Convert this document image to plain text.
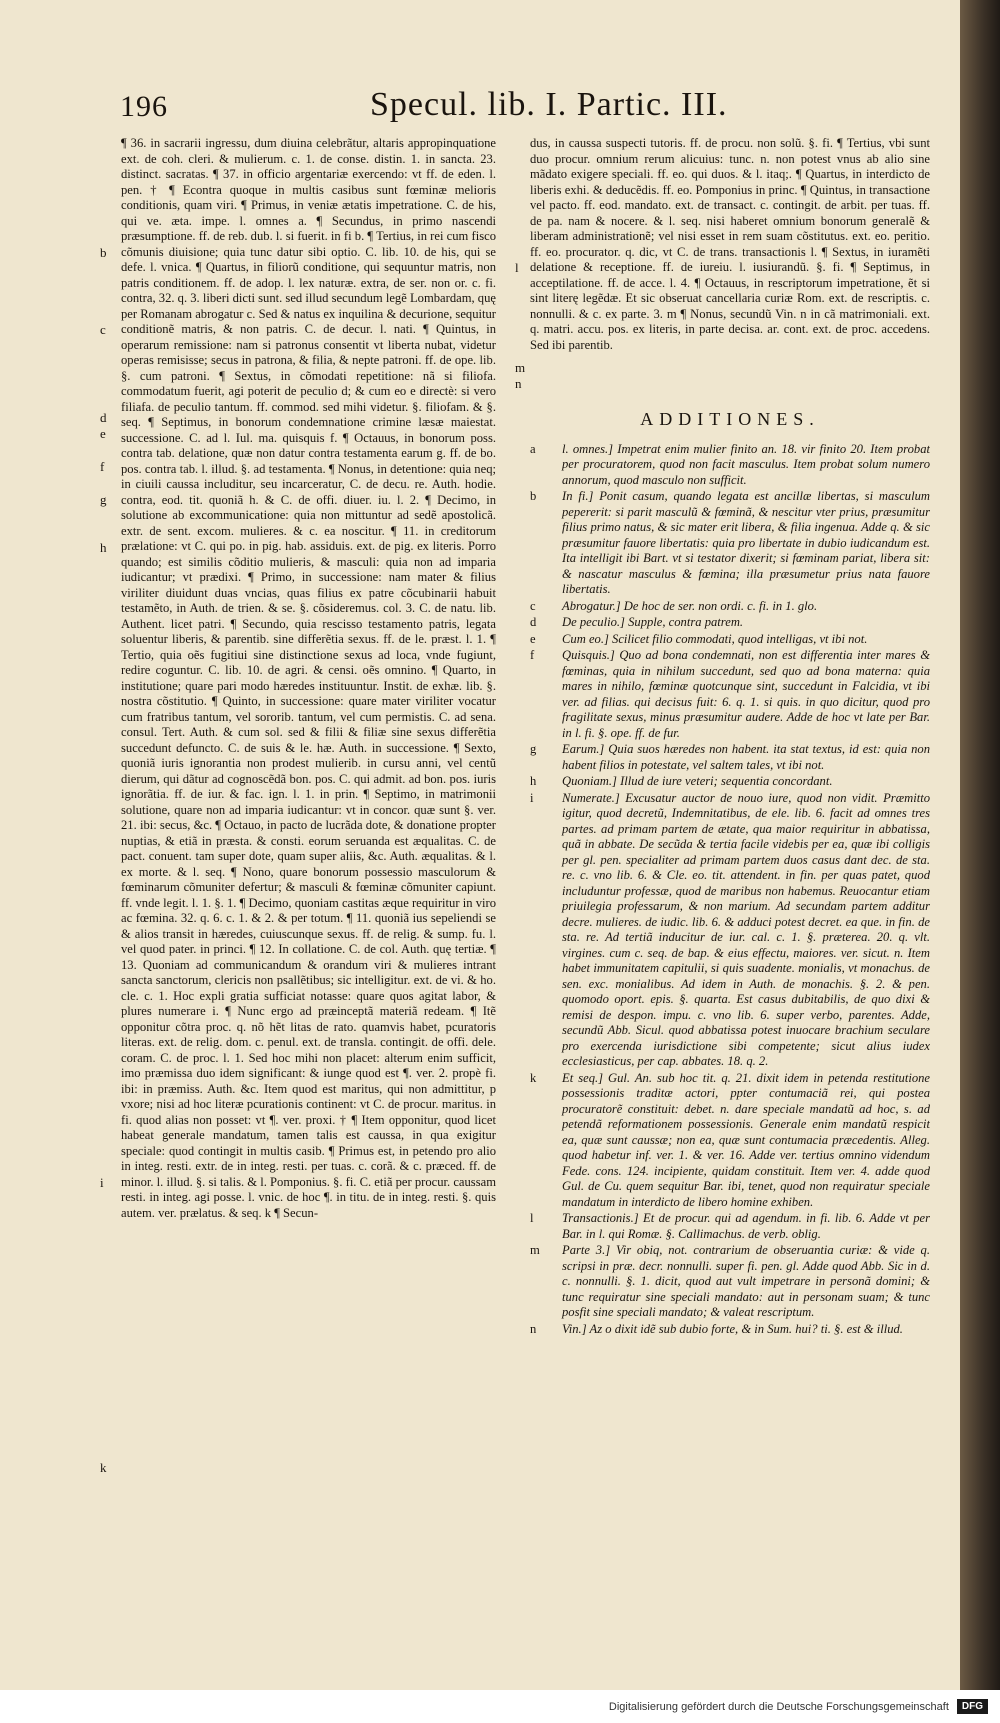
196	Specul. lib. I. Partic. III.
b
c
d
e
f
g
h
i
k
l
m
n

¶ 36. in sacrarii ingressu, dum diuina celebrãtur, altaris appropinquatione ext. de coh. cleri. & mulierum. c. 1. de conse. distin. 1. in sancta. 23. distinct. sacratas. ¶ 37. in officio argentariæ exercendo: vt ff. de eden. l. pen. † ¶ Econtra quoque in multis casibus sunt fœminæ melioris conditionis, quam viri. ¶ Primus, in veniæ ætatis impetratione. C. de his, qui ve. æta. impe. l. omnes a. ¶ Secundus, in primo nascendi præsumptione. ff. de reb. dub. l. si fuerit. in fi b. ¶ Tertius, in rei cum fisco cõmunis diuisione; quia tunc datur sibi optio. C. lib. 10. de his, qui se defe. l. vnica. ¶ Quartus, in filiorũ conditione, qui sequuntur matris, non patris conditionem. ff. de adop. l. lex naturæ. extra, de ser. non or. c. fi. contra, 32. q. 3. liberi dicti sunt. sed illud secundum legẽ Lombardam, quę per Romanam abrogatur c. Sed & natus ex inquilina & decurione, sequitur conditionẽ matris, & non patris. C. de decur. l. nati. ¶ Quintus, in operarum remissione: nam si patronus consentit vt liberta nubat, videtur operas remisisse; secus in patrona, & filia, & nepte patroni. ff. de ope. lib. §. cum patroni. ¶ Sextus, in cõmodati repetitione: nã si filiofa. commodatum fuerit, agi poterit de peculio d; & cum eo e directè: si vero filiafa. de peculio tantum. ff. commod. sed mihi videtur. §. filiofam. & §. seq. ¶ Septimus, in bonorum condemnatione crimine læsæ maiestat. successione. C. ad l. Iul. ma. quisquis f. ¶ Octauus, in bonorum poss. contra tab. delatione, quæ non datur contra testamenta earum g. ff. de bo. pos. contra tab. l. illud. §. ad testamenta. ¶ Nonus, in detentione: quia neq; in ciuili caussa includitur, seu incarceratur, C. de decu. re. Auth. hodie. contra, eod. tit. quoniã h. & C. de offi. diuer. iu. l. 2. ¶ Decimo, in solutione ab excommunicatione: quia non mittuntur ad sedẽ apostolicã. extr. de sent. excom. mulieres. & c. ea noscitur. ¶ 11. in creditorum prælatione: vt C. qui po. in pig. hab. assiduis. ext. de pig. ex literis. Porro quando; est similis cõditio mulieris, & masculi: quia non ad imparia iudicantur; vt prædixi. ¶ Primo, in successione: nam mater & filius viriliter diuidunt duas vncias, quas filius ex patre cõcubinarii habuit testamẽto, in Auth. de trien. & se. §. cõsideremus. col. 3. C. de natu. lib. Authent. licet patri. ¶ Secundo, quia rescisso testamento patris, legata soluentur liberis, & parentib. sine differẽtia sexus. ff. de le. præst. l. 1. ¶ Tertio, quia oẽs fugitiui sine distinctione sexus ad loca, vnde fugiunt, redire coguntur. C. lib. 10. de agri. & censi. oẽs omnino. ¶ Quarto, in institutione; quare pari modo hæredes instituuntur. Instit. de exhæ. lib. §. nostra cõstitutio. ¶ Quinto, in successione: quare mater viriliter vocatur cum fratribus tantum, vel sororib. tantum, vel cum permistis. C. ad sena. consul. Tert. Auth. & cum sol. sed & filii & filiæ sine sexus differẽtia succedunt defuncto. C. de suis & le. hæ. Auth. in successione. ¶ Sexto, quoniã iuris ignorantia non prodest mulierib. in cursu anni, vel centũ dierum, qui dãtur ad cognoscẽdã bon. pos. C. qui admit. ad bon. pos. iuris ignorãtia. ff. de iur. & fac. ign. l. 1. in prin. ¶ Septimo, in matrimonii solutione, quare non ad imparia iudicantur: vt in concor. quæ sunt §. ver. 21. ibi: secus, &c. ¶ Octauo, in pacto de lucrãda dote, & donatione propter nuptias, & etiã in præsta. & consti. eorum seruanda est æqualitas. C. de pact. conuent. tam super dote, quam super aliis, &c. Auth. æqualitas. & l. ex morte. & l. seq. ¶ Nono, quare bonorum possessio masculorum & fœminarum cõmuniter defertur; & masculi & fœminæ cõmuniter capiunt. ff. vnde legit. l. 1. §. 1. ¶ Decimo, quoniam castitas æque requiritur in viro ac fœmina. 32. q. 6. c. 1. & 2. & per totum. ¶ 11. quoniã ius sepeliendi se & alios transit in hæredes, cuiuscunque sexus. ff. de relig. & sump. fu. l. vel quod pater. in princi. ¶ 12. In collatione. C. de col. Auth. quę tertiæ. ¶ 13. Quoniam ad communicandum & orandum viri & mulieres intrant sancta sanctorum, clericis non psallẽtibus; sic intelligitur. ext. de vi. & ho. cle. c. 1. Hoc expli gratia sufficiat notasse: quare quos agitat labor, & plures numerare i. ¶ Nunc ergo ad præinceptã materiã redeam. ¶ Itẽ opponitur cõtra proc. q. nõ hẽt litas de rato. quamvis habet, pcuratoris literas. ext. de relig. dom. c. penul. ext. de transla. contingit. de offi. dele. coram. C. de proc. l. 1. Sed hoc mihi non placet: alterum enim sufficit, imo præmissa duo idem significant: & iunge quod est ¶. ver. 2. propè fi. ibi: in præmiss. Auth. &c. Item quod est maritus, qui non admittitur, p vxore; nisi ad hoc literæ pcurationis continent: vt C. de procur. maritus. in fi. quod alias non posset: vt ¶. ver. proxi. † ¶ Item opponitur, quod licet habeat generale mandatum, tamen talis est caussa, in qua exigitur speciale: quod contingit in multis casib. ¶ Primus est, in petendo pro alio in integ. resti. extr. de in integ. resti. per tuas. c. corã. & c. præced. ff. de minor. l. illud. §. si talis. & l. Pomponius. §. fi. C. etiã per procur. caussam resti. in integ. agi posse. l. vnic. de hoc ¶. in titu. de in integ. resti. §. quis autem. ver. prælatus. & seq. k ¶ Secun-

dus, in caussa suspecti tutoris. ff. de procu. non solũ. §. fi. ¶ Tertius, vbi sunt duo procur. omnium rerum alicuius: tunc. n. non potest vnus ab alio sine mãdato exigere speciali. ff. eo. qui duos. & l. itaq;. ¶ Quartus, in interdicto de liberis exhi. & deducẽdis. ff. eo. Pomponius in princ. ¶ Quintus, in transactione vel pacto. ff. eod. mandato. ext. de transact. c. contingit. de arbit. per tuas. ff. de pa. nam & nocere. & l. seq. nisi haberet omnium bonorum generalẽ & liberam administrationẽ; vel nisi esset in rem suam cõstitutus. ext. eo. peritio. ff. eo. procurator. q. dic, vt C. de trans. transactionis l. ¶ Sextus, in iuramẽti delatione & receptione. ff. de iureiu. l. iusiurandũ. §. fi. ¶ Septimus, in acceptilatione. ff. de acce. l. 4. ¶ Octauus, in rescriptorum impetratione, ẽt si sint literę legẽdæ. Et sic obseruat cancellaria curiæ Rom. ext. de rescriptis. c. nonnulli. & c. ex parte. 3. m ¶ Nonus, secundũ Vin. n in cã matrimoniali. ext. q. matri. accu. pos. ex literis, in parte decisa. ar. cont. ext. de proc. accedens. Sed ibi parentib.

ADDITIONES.
a	l. omnes.] Impetrat enim mulier finito an. 18. vir finito 20. Item probat per procuratorem, quod non facit masculus. Item probat solum numero annorum, quod masculo non sufficit.
b	In fi.] Ponit casum, quando legata est ancillæ libertas, si masculum pepererit: si parit masculũ & fœminã, & nescitur vter prius, præsumitur filius primo natus, & sic mater erit libera, & filia ingenua. Adde q. & sic præsumitur fauore libertatis: quia pro libertate in dubio iudicandum est. Ita intelligit ibi Bart. vt si testator dixerit; si fœminam pariat, libera sit: & nascatur masculus & fœmina; illa præsumetur prius nata fauore libertatis.
c	Abrogatur.] De hoc de ser. non ordi. c. fi. in 1. glo.
d	De peculio.] Supple, contra patrem.
e	Cum eo.] Scilicet filio commodati, quod intelligas, vt ibi not.
f	Quisquis.] Quo ad bona condemnati, non est differentia inter mares & fœminas, quia in nihilum succedunt, sed quo ad bona materna: quia mares in nihilo, fœminæ quotcunque sint, succedunt in Falcidia, vt ibi ver. ad filias. qui decisus fuit: 6. q. 1. si quis. in quo dicitur, quod pro fragilitate sexus, minus præsumitur audere. Adde de hoc vt late per Bar. in l. fi. §. ope. ff. de fur.
g	Earum.] Quia suos hæredes non habent. ita stat textus, id est: quia non habent filios in potestate, vel saltem tales, vt ibi not.
h	Quoniam.] Illud de iure veteri; sequentia concordant.
i	Numerate.] Excusatur auctor de nouo iure, quod non vidit. Præmitto igitur, quod decretũ, Indemnitatibus, de ele. lib. 6. facit ad omnes tres partes. ad primam partem de ætate, qua maior requiritur in abbatissa, quã in abbate. De secũda & tertia facile videbis per ea, quæ ibi colligis per gl. pen. specialiter ad primam partem duos casus dant dec. de sta. re. c. vno lib. 6. & Cle. eo. tit. attendent. in fin. per quas patet, quod includuntur professæ, quod de maribus non habemus. Reuocantur etiam priuilegia professarum, & non marium. Ad secundam partem additur decre. mulieres. de iudic. lib. 6. & adduci potest decret. ea que. in fin. de sta. re. Ad tertiã inducitur de iur. cal. c. 1. §. præterea. 20. q. vlt. virgines. cum c. seq. de bap. & eius effectu, maiores. ver. sicut. n. Item habet immunitatem capitulii, si quis suadente. monialis, vt monachus. de sen. exc. monialibus. Ad idem in Auth. de monachis. §. 2. & pen. quomodo oport. epis. §. quarta. Est casus dubitabilis, de quo dixi & remisi de despon. impu. c. vno lib. 6. super verbo, parentes. Adde, secundũ Abb. Sicul. quod abbatissa potest inuocare brachium seculare pro exercenda iurisdictione sibi competente; sicut alius iudex ecclesiasticus, per cap. abbates. 18. q. 2.
k	Et seq.] Gul. An. sub hoc tit. q. 21. dixit idem in petenda restitutione possessionis traditæ actori, ppter contumaciã rei, qui postea procuratorẽ constituit: debet. n. dare speciale mandatũ ad hoc, s. ad petendã reformationem possessionis. Generale enim mandatũ respicit ea, quæ sunt caussæ; non ea, quæ sunt contumacia præcedentis. Alleg. quod habetur inf. ver. 1. & ver. 16. Adde ver. tertius omnino videndum Fede. cons. 124. incipiente, quidam constituit. Item ver. 4. adde quod Gul. de Cu. quem sequitur Bar. ibi, tenet, quod non requiratur speciale mandatum in interdicto de libero homine exhiben.
l	Transactionis.] Et de procur. qui ad agendum. in fi. lib. 6. Adde vt per Bar. in l. qui Romæ. §. Callimachus. de verb. oblig.
m	Parte 3.] Vir obiq, not. contrarium de obseruantia curiæ: & vide q. scripsi in præ. decr. nonnulli. super fi. pen. gl. Adde quod Abb. Sic in d. c. nonnulli. §. 1. dicit, quod aut vult impetrare in personã domini; & tunc requiratur sine speciali mandato: aut in personam suam; & tunc posfit sine speciali mandato; & valeat rescriptum.
n	Vin.] Az o dixit idẽ sub dubio forte, & in Sum. hui? ti. §. est & illud.
Digitalisierung gefördert durch die Deutsche Forschungsgemeinschaft	DFG
